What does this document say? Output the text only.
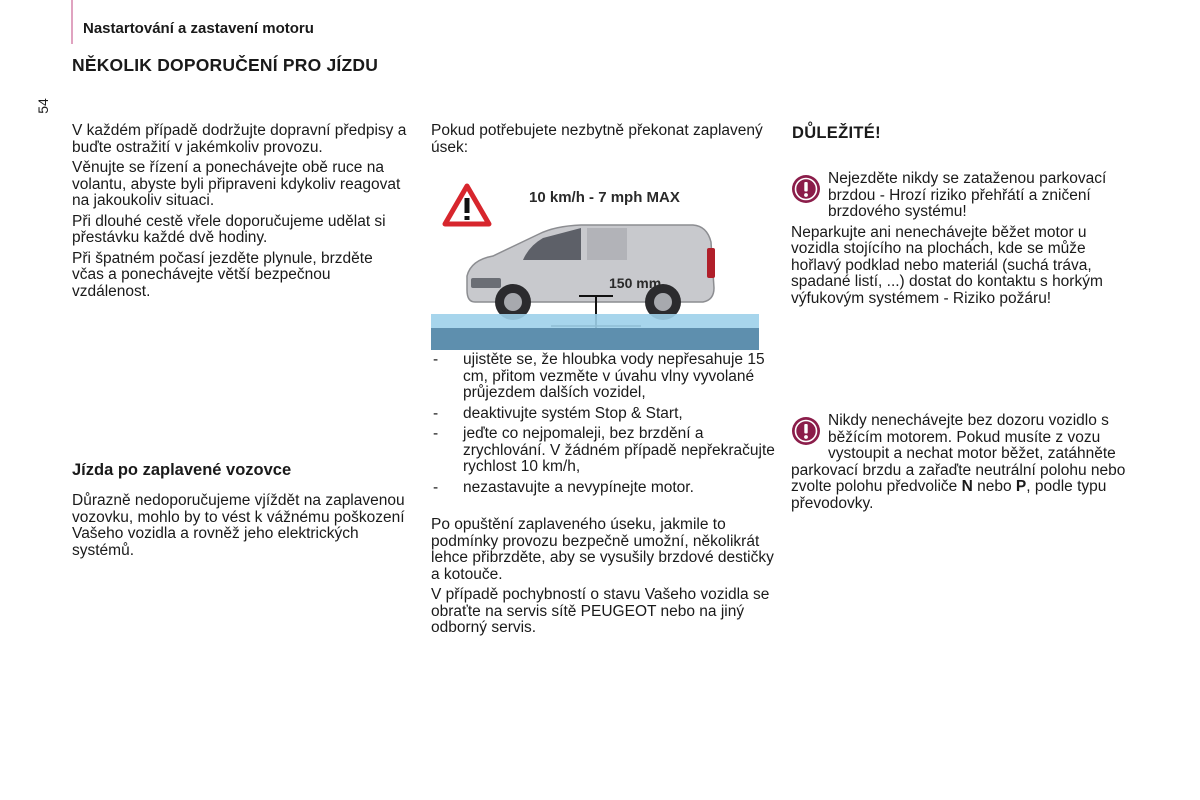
54
Nastartování a zastavení motoru
NĚKOLIK DOPORUČENÍ PRO JÍZDU

V každém případě dodržujte dopravní předpisy a buďte ostražití v jakémkoliv provozu.

Věnujte se řízení a ponechávejte obě ruce na volantu, abyste byli připraveni kdykoliv reagovat na jakoukoliv situaci.

Při dlouhé cestě vřele doporučujeme udělat si přestávku každé dvě hodiny.

Při špatném počasí jezděte plynule, brzděte včas a ponechávejte větší bezpečnou vzdálenost.

Jízda po zaplavené vozovce

Důrazně nedoporučujeme vjíždět na zaplavenou vozovku, mohlo by to vést k vážnému poškození Vašeho vozidla a rovněž jeho elektrických systémů.

Pokud potřebujete nezbytně překonat zaplavený úsek:
10 km/h - 7 mph MAX
150 mm
-	ujistěte se, že hloubka vody nepřesahuje 15 cm, přitom vezměte v úvahu vlny vyvolané průjezdem dalších vozidel,
-	deaktivujte systém Stop & Start,
-	jeďte co nejpomaleji, bez brzdění a zrychlování. V žádném případě nepřekračujte rychlost 10 km/h,
-	nezastavujte a nevypínejte motor.

Po opuštění zaplaveného úseku, jakmile to podmínky provozu bezpečně umožní, několikrát lehce přibrzděte, aby se vysušily brzdové destičky a kotouče.

V případě pochybností o stavu Vašeho vozidla se obraťte na servis sítě PEUGEOT nebo na jiný odborný servis.

DŮLEŽITÉ!

Nejezděte nikdy se zataženou parkovací brzdou - Hrozí riziko přehřátí a zničení brzdového systému!

Neparkujte ani nenechávejte běžet motor u vozidla stojícího na plochách, kde se může hořlavý podklad nebo materiál (suchá tráva, spadané listí, ...) dostat do kontaktu s horkým výfukovým systémem - Riziko požáru!

Nikdy nenechávejte bez dozoru vozidlo s běžícím motorem. Pokud musíte z vozu vystoupit a nechat motor běžet, zatáhněte parkovací brzdu a zařaďte neutrální polohu nebo zvolte polohu předvoliče N nebo P, podle typu převodovky.
